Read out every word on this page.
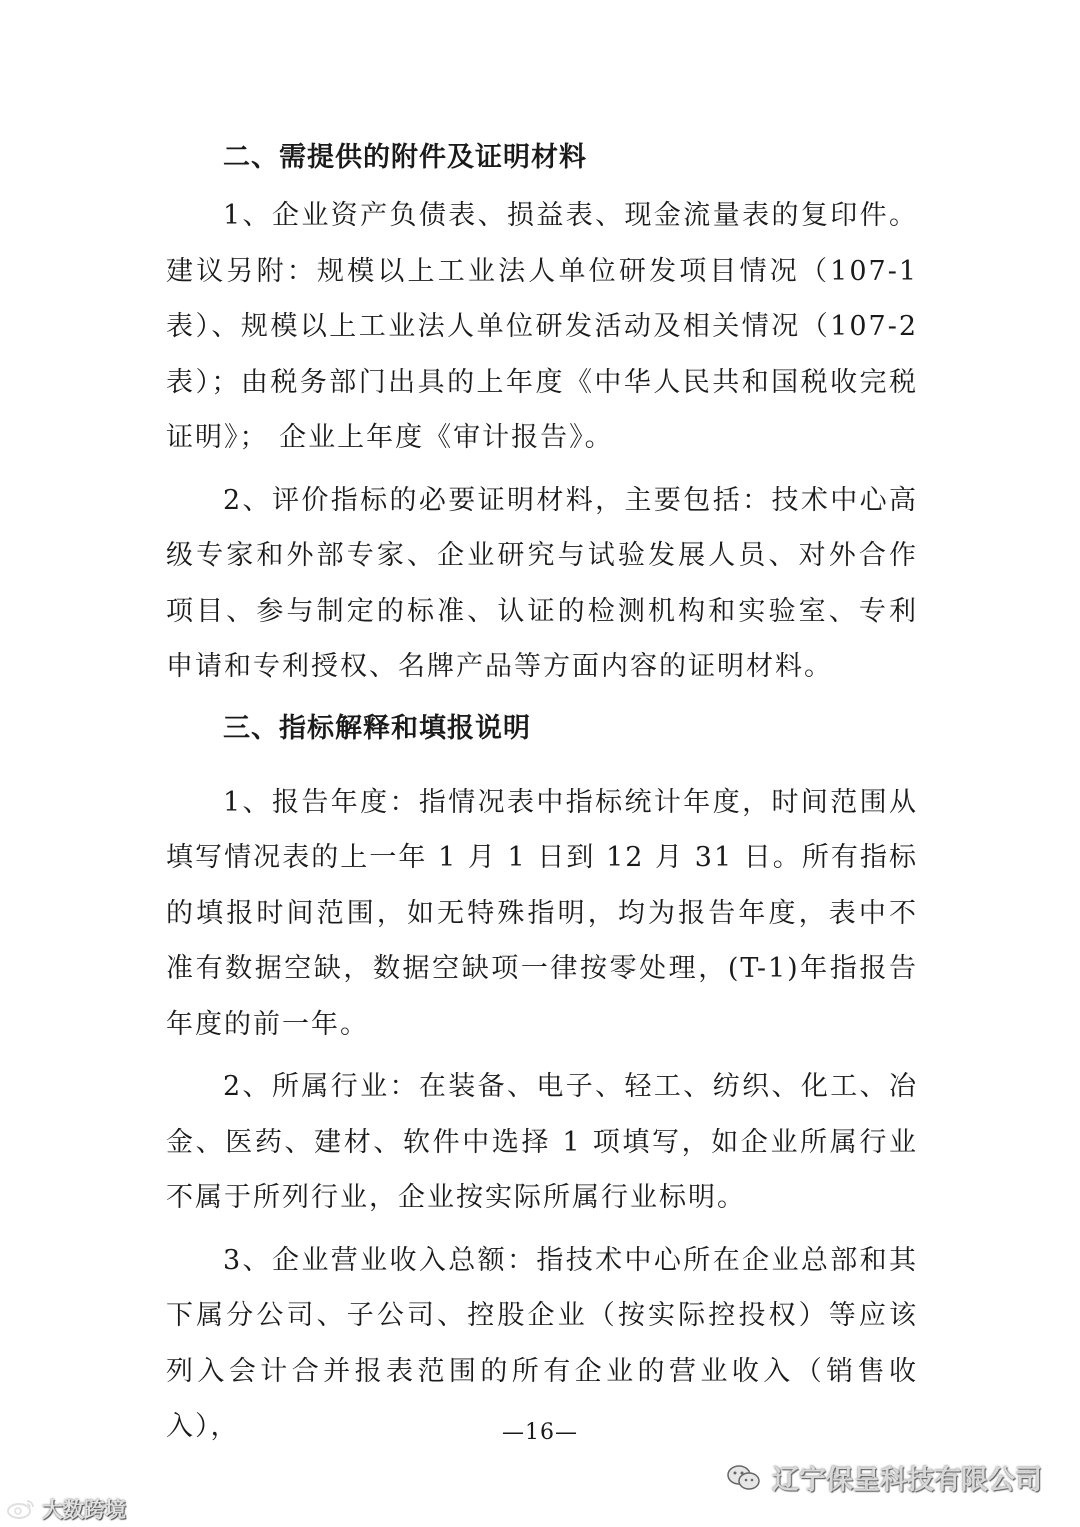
二、需提供的附件及证明材料

1、企业资产负债表、损益表、现金流量表的复印件。建议另附：规模以上工业法人单位研发项目情况（107-1表）、规模以上工业法人单位研发活动及相关情况（107-2表）；由税务部门出具的上年度《中华人民共和国税收完税证明》； 企业上年度《审计报告》。

2、评价指标的必要证明材料，主要包括：技术中心高级专家和外部专家、企业研究与试验发展人员、对外合作项目、参与制定的标准、认证的检测机构和实验室、专利申请和专利授权、名牌产品等方面内容的证明材料。

三、指标解释和填报说明

1、报告年度：指情况表中指标统计年度，时间范围从填写情况表的上一年 1 月 1 日到 12 月 31 日。所有指标的填报时间范围，如无特殊指明，均为报告年度，表中不准有数据空缺，数据空缺项一律按零处理，(T-1)年指报告年度的前一年。

2、所属行业：在装备、电子、轻工、纺织、化工、冶金、医药、建材、软件中选择 1 项填写，如企业所属行业不属于所列行业，企业按实际所属行业标明。

3、企业营业收入总额：指技术中心所在企业总部和其下属分公司、子公司、控股企业（按实际控投权）等应该列入会计合并报表范围的所有企业的营业收入（销售收入），	—16—
辽宁保呈科技有限公司
大数跨境
